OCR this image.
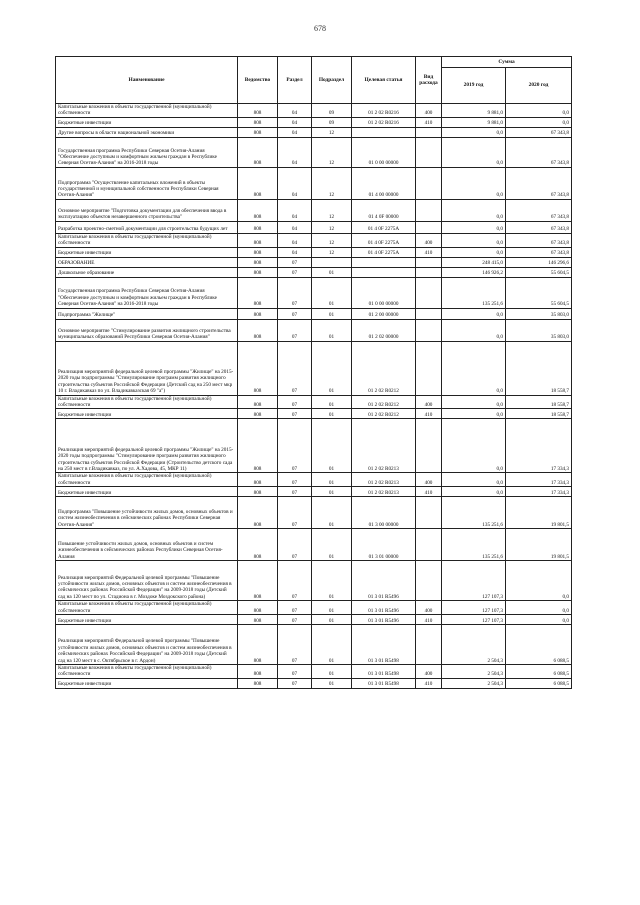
678
Наименование	Ведомство	Раздел	Подраздел	Целевая статья	Вид расхода	Сумма	
						2019 год	2020 год
Капитальные вложения в объекты государственной (муниципальной) собственности	808	04	09	01 2 02 R0216	400	9 881,0	0,0
Бюджетные инвестиции	808	04	09	01 2 02 R0216	410	9 881,0	0,0
Другие вопросы в области национальной экономики	808	04	12			0,0	67 343,8
Государственная программа Республики Северная Осетия-Алания "Обеспечение доступным и комфортным жильем граждан в Республике Северная Осетия-Алания" на 2016-2018 годы	808	04	12	01 0 00 00000		0,0	67 343,8
Подпрограмма "Осуществление капитальных вложений в объекты государственной и муниципальной собственности Республики Северная Осетия-Алания"	808	04	12	01 4 00 00000		0,0	67 343,8
Основное мероприятие "Подготовка документации для обеспечения ввода в эксплуатацию объектов незавершенного строительства"	808	04	12	01 4 0F 00000		0,0	67 343,8
Разработка проектно-сметной документации для строительства будущих лет	808	04	12	01 4 0F 2275А		0,0	67 343,8
Капитальные вложения в объекты государственной (муниципальной) собственности	808	04	12	01 4 0F 2275А	400	0,0	67 343,8
Бюджетные инвестиции	808	04	12	01 4 0F 2275А	410	0,0	67 343,8
ОБРАЗОВАНИЕ	808	07				248 415,0	146 296,6
Дошкольное образование	808	07	01			146 926,2	55 604,5
Государственная программа Республики Северная Осетия-Алания "Обеспечение доступным и комфортным жильем граждан в Республике Северная Осетия-Алания" на 2016-2018 годы	808	07	01	01 0 00 00000		135 251,6	55 604,5
Подпрограмма "Жилище"	808	07	01	01 2 00 00000		0,0	35 803,0
Основное мероприятие "Стимулирование развития жилищного строительства муниципальных образований Республики Северная Осетия-Алания"	808	07	01	01 2 02 00000		0,0	35 803,0
Реализация мероприятий федеральной целевой программы "Жилище" на 2015-2020 годы подпрограммы "Стимулирование программ развития жилищного строительства субъектов Российской Федерации (Детский сад на 250 мест мкр 10 г. Владикавказ по ул. Владикавказская 69 "а")	808	07	01	01 2 02 R0212		0,0	18 558,7
Капитальные вложения в объекты государственной (муниципальной) собственности	808	07	01	01 2 02 R0212	400	0,0	18 558,7
Бюджетные инвестиции	808	07	01	01 2 02 R0212	410	0,0	18 558,7
Реализация мероприятий федеральной целевой программы "Жилище" на 2015-2020 годы подпрограммы "Стимулирование программ развития жилищного строительства субъектов Российской Федерации (Строительство детского сада на 250 мест в г.Владикавказ, по ул. А.Хадова, 45, МКР 11)	808	07	01	01 2 02 R0213		0,0	17 334,3
Капитальные вложения в объекты государственной (муниципальной) собственности	808	07	01	01 2 02 R0213	400	0,0	17 334,3
Бюджетные инвестиции	808	07	01	01 2 02 R0213	410	0,0	17 334,3
Подпрограмма "Повышение устойчивости жилых домов, основных объектов и систем жизнеобеспечения в сейсмических районах Республики Северная Осетия-Алания"	808	07	01	01 3 00 00000		135 251,6	19 801,5
Повышение устойчивости жилых домов, основных объектов и систем жизнеобеспечения в сейсмических районах Республики Северная Осетия-Алания	808	07	01	01 3 01 00000		135 251,6	19 801,5
Реализация мероприятий Федеральной целевой программы "Повышение устойчивости жилых домов, основных объектов и систем жизнеобеспечения в сейсмических районах Российской Федерации" на 2009-2018 годы (Детский сад на 120 мест по ул. Стадиона в г. Моздоке Моздокского района)	808	07	01	01 3 01 R5496		127 107,3	0,0
Капитальные вложения в объекты государственной (муниципальной) собственности	808	07	01	01 3 01 R5496	400	127 107,3	0,0
Бюджетные инвестиции	808	07	01	01 3 01 R5496	410	127 107,3	0,0
Реализация мероприятий Федеральной целевой программы "Повышение устойчивости жилых домов, основных объектов и систем жизнеобеспечения в сейсмических районах Российской Федерации" на 2009-2018 годы (Детский сад на 120 мест в с. Октябрьское в г. Ардон)	808	07	01	01 3 01 R5498		2 504,3	6 088,5
Капитальные вложения в объекты государственной (муниципальной) собственности	808	07	01	01 3 01 R5498	400	2 504,3	6 088,5
Бюджетные инвестиции	808	07	01	01 3 01 R5498	410	2 504,3	6 088,5
